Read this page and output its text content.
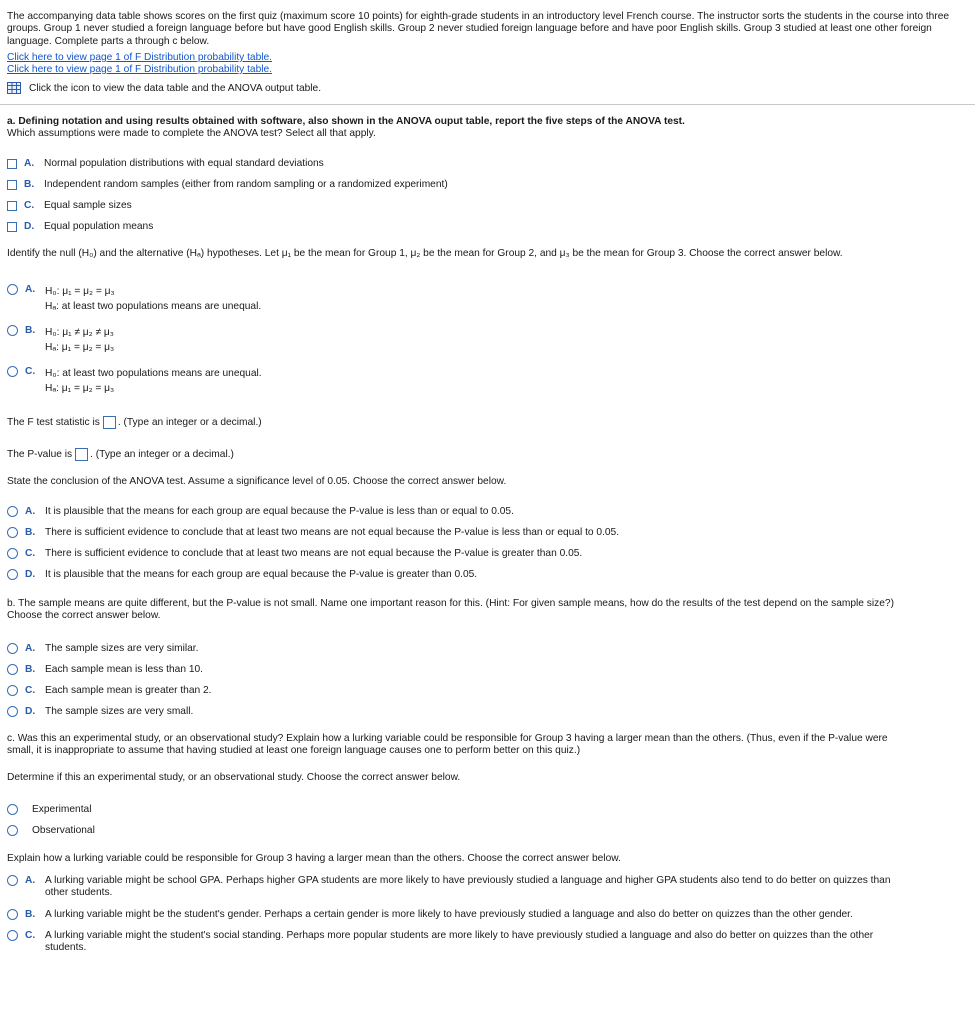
The accompanying data table shows scores on the first quiz (maximum score 10 points) for eighth-grade students in an introductory level French course. The instructor sorts the students in the course into three groups. Group 1 never studied a foreign language before but have good English skills. Group 2 never studied foreign language before and have poor English skills. Group 3 studied at least one other foreign language. Complete parts a through c below.
Click here to view page 1 of F Distribution probability table.
Click here to view page 1 of F Distribution probability table.
Click the icon to view the data table and the ANOVA output table.
a. Defining notation and using results obtained with software, also shown in the ANOVA ouput table, report the five steps of the ANOVA test.
Which assumptions were made to complete the ANOVA test? Select all that apply.
A. Normal population distributions with equal standard deviations
B. Independent random samples (either from random sampling or a randomized experiment)
C. Equal sample sizes
D. Equal population means
Identify the null (H₀) and the alternative (Hₐ) hypotheses. Let μ₁ be the mean for Group 1, μ₂ be the mean for Group 2, and μ₃ be the mean for Group 3. Choose the correct answer below.
A. H₀: μ₁ = μ₂ = μ₃
Hₐ: at least two populations means are unequal.
B. H₀: μ₁ ≠ μ₂ ≠ μ₃
Hₐ: μ₁ = μ₂ = μ₃
C. H₀: at least two populations means are unequal.
Hₐ: μ₁ = μ₂ = μ₃
The F test statistic is . (Type an integer or a decimal.)
The P-value is . (Type an integer or a decimal.)
State the conclusion of the ANOVA test. Assume a significance level of 0.05. Choose the correct answer below.
A. It is plausible that the means for each group are equal because the P-value is less than or equal to 0.05.
B. There is sufficient evidence to conclude that at least two means are not equal because the P-value is less than or equal to 0.05.
C. There is sufficient evidence to conclude that at least two means are not equal because the P-value is greater than 0.05.
D. It is plausible that the means for each group are equal because the P-value is greater than 0.05.
b. The sample means are quite different, but the P-value is not small. Name one important reason for this. (Hint: For given sample means, how do the results of the test depend on the sample size?)
Choose the correct answer below.
A. The sample sizes are very similar.
B. Each sample mean is less than 10.
C. Each sample mean is greater than 2.
D. The sample sizes are very small.
c. Was this an experimental study, or an observational study? Explain how a lurking variable could be responsible for Group 3 having a larger mean than the others. (Thus, even if the P-value were
small, it is inappropriate to assume that having studied at least one foreign language causes one to perform better on this quiz.)
Determine if this an experimental study, or an observational study. Choose the correct answer below.
Experimental
Observational
Explain how a lurking variable could be responsible for Group 3 having a larger mean than the others. Choose the correct answer below.
A. A lurking variable might be school GPA. Perhaps higher GPA students are more likely to have previously studied a language and higher GPA students also tend to do better on quizzes than
other students.
B. A lurking variable might be the student's gender. Perhaps a certain gender is more likely to have previously studied a language and also do better on quizzes than the other gender.
C. A lurking variable might the student's social standing. Perhaps more popular students are more likely to have previously studied a language and also do better on quizzes than the other
students.
